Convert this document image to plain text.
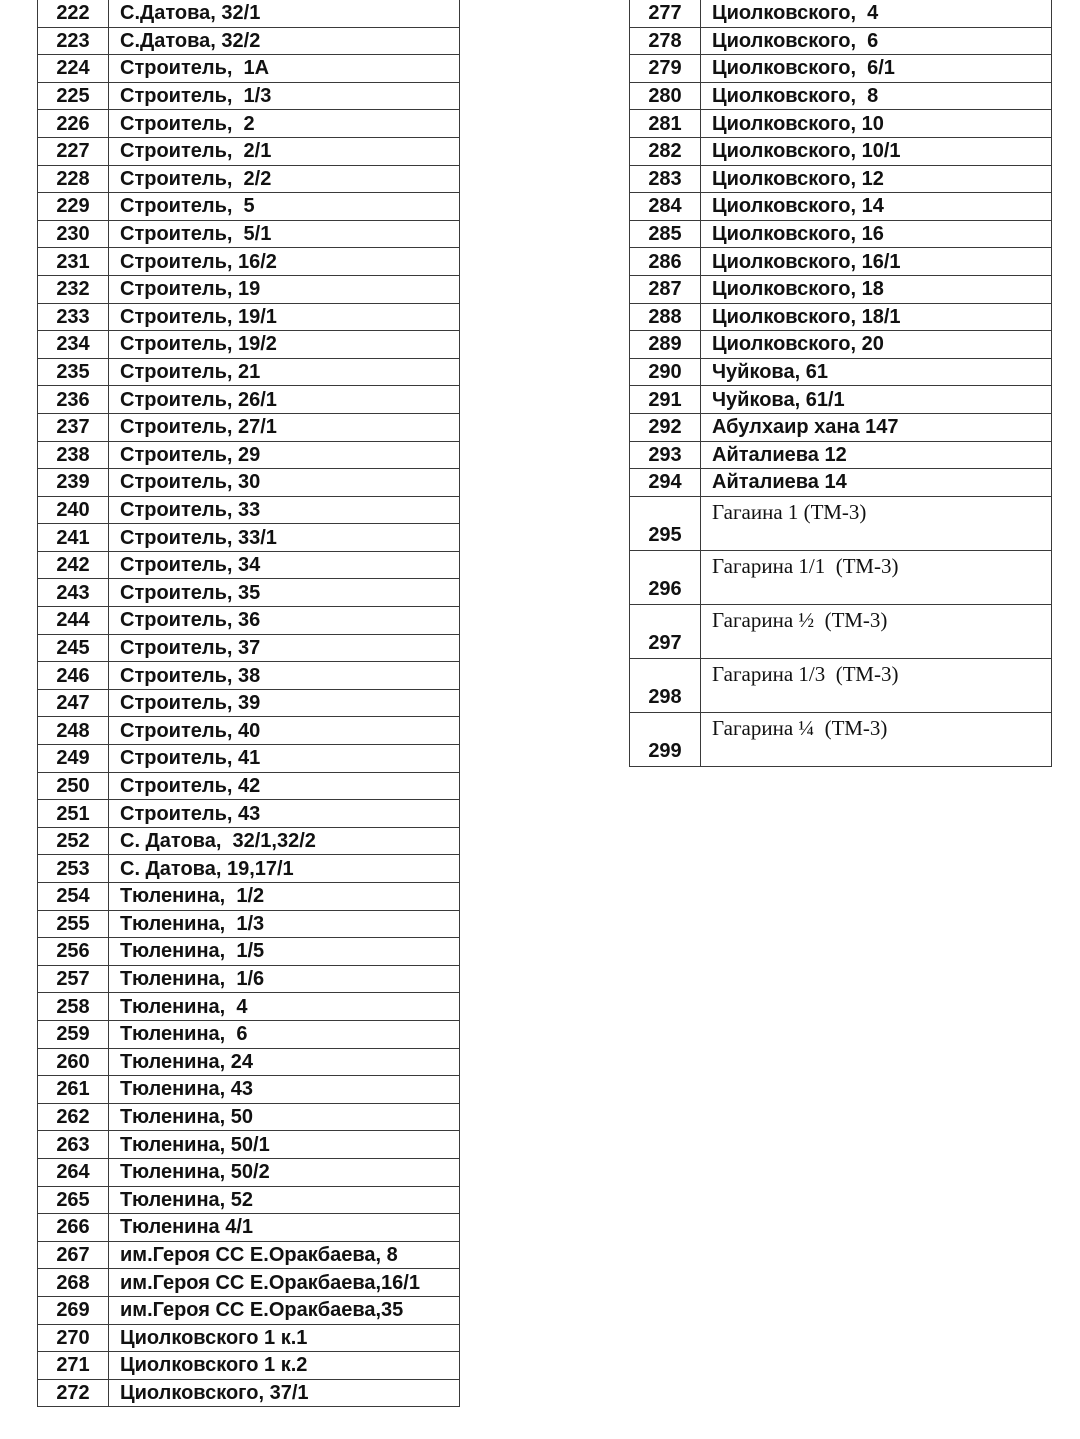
222	С.Датова, 32/1
223	С.Датова, 32/2
224	Строитель,  1А
225	Строитель,  1/3
226	Строитель,  2
227	Строитель,  2/1
228	Строитель,  2/2
229	Строитель,  5
230	Строитель,  5/1
231	Строитель, 16/2
232	Строитель, 19
233	Строитель, 19/1
234	Строитель, 19/2
235	Строитель, 21
236	Строитель, 26/1
237	Строитель, 27/1
238	Строитель, 29
239	Строитель, 30
240	Строитель, 33
241	Строитель, 33/1
242	Строитель, 34
243	Строитель, 35
244	Строитель, 36
245	Строитель, 37
246	Строитель, 38
247	Строитель, 39
248	Строитель, 40
249	Строитель, 41
250	Строитель, 42
251	Строитель, 43
252	С. Датова,  32/1,32/2
253	С. Датова, 19,17/1
254	Тюленина,  1/2
255	Тюленина,  1/3
256	Тюленина,  1/5
257	Тюленина,  1/6
258	Тюленина,  4
259	Тюленина,  6
260	Тюленина, 24
261	Тюленина, 43
262	Тюленина, 50
263	Тюленина, 50/1
264	Тюленина, 50/2
265	Тюленина, 52
266	Тюленина 4/1
267	им.Героя СС Е.Оракбаева, 8
268	им.Героя СС Е.Оракбаева,16/1
269	им.Героя СС Е.Оракбаева,35
270	Циолковского 1 к.1
271	Циолковского 1 к.2
272	Циолковского, 37/1
277	Циолковского,  4
278	Циолковского,  6
279	Циолковского,  6/1
280	Циолковского,  8
281	Циолковского, 10
282	Циолковского, 10/1
283	Циолковского, 12
284	Циолковского, 14
285	Циолковского, 16
286	Циолковского, 16/1
287	Циолковского, 18
288	Циолковского, 18/1
289	Циолковского, 20
290	Чуйкова, 61
291	Чуйкова, 61/1
292	Абулхаир хана 147
293	Айталиева 12
294	Айталиева 14
295	Гагаина 1 (ТМ-3)
296	Гагарина 1/1  (ТМ-3)
297	Гагарина ½  (ТМ-3)
298	Гагарина 1/3  (ТМ-3)
299	Гагарина ¼  (ТМ-3)
